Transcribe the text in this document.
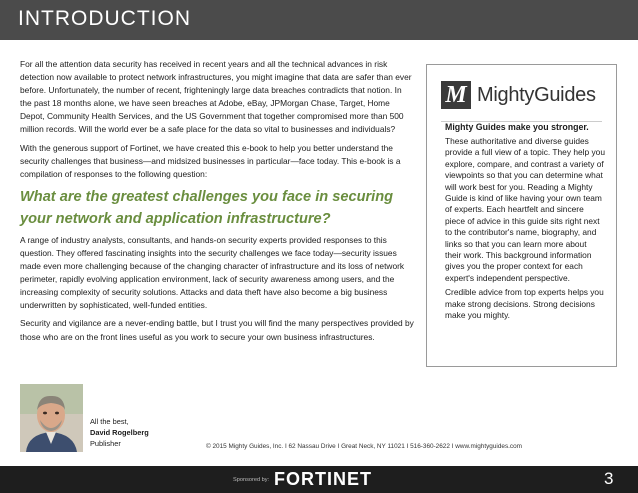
INTRODUCTION

For all the attention data security has received in recent years and all the technical advances in risk detection now available to protect network infrastructures, you might imagine that data are safer than ever before. Unfortunately, the number of recent, frighteningly large data breaches contradicts that notion. In the past 18 months alone, we have seen breaches at Adobe, eBay, JPMorgan Chase, Target, Home Depot, Community Health Services, and the US Government that together compromised more than 500 million records. Will the world ever be a safe place for the data so vital to businesses and individuals?

With the generous support of Fortinet, we have created this e-book to help you better understand the security challenges that business—and midsized businesses in particular—face today. This e-book is a compilation of responses to the following question:

What are the greatest challenges you face in securing your network and application infrastructure?

A range of industry analysts, consultants, and hands-on security experts provided responses to this question. They offered fascinating insights into the security challenges we face today—security issues made even more challenging because of the changing character of infrastructure and its loss of network perimeter, rapidly evolving application environment, lack of security awareness among users, and the increasing complexity of security solutions. Attacks and data theft have also become a big business underwritten by sophisticated, well-funded entities.

Security and vigilance are a never-ending battle, but I trust you will find the many perspectives provided by those who are on the front lines useful as you work to secure your own business infrastructures.

M MightyGuides
Mighty Guides make you stronger.

These authoritative and diverse guides provide a full view of a topic. They help you explore, compare, and contrast a variety of viewpoints so that you can determine what will work best for you. Reading a Mighty Guide is kind of like having your own team of experts. Each heartfelt and sincere piece of advice in this guide sits right next to the contributor's name, biography, and links so that you can learn more about their work. This background information gives you the proper context for each expert's independent perspective.

Credible advice from top experts helps you make strong decisions. Strong decisions make you mighty.

All the best,
David Rogelberg
Publisher	© 2015 Mighty Guides, Inc. I 62 Nassau Drive I Great Neck, NY 11021 I 516-360-2622 I www.mightyguides.com
Sponsored by: FORTINET	3
